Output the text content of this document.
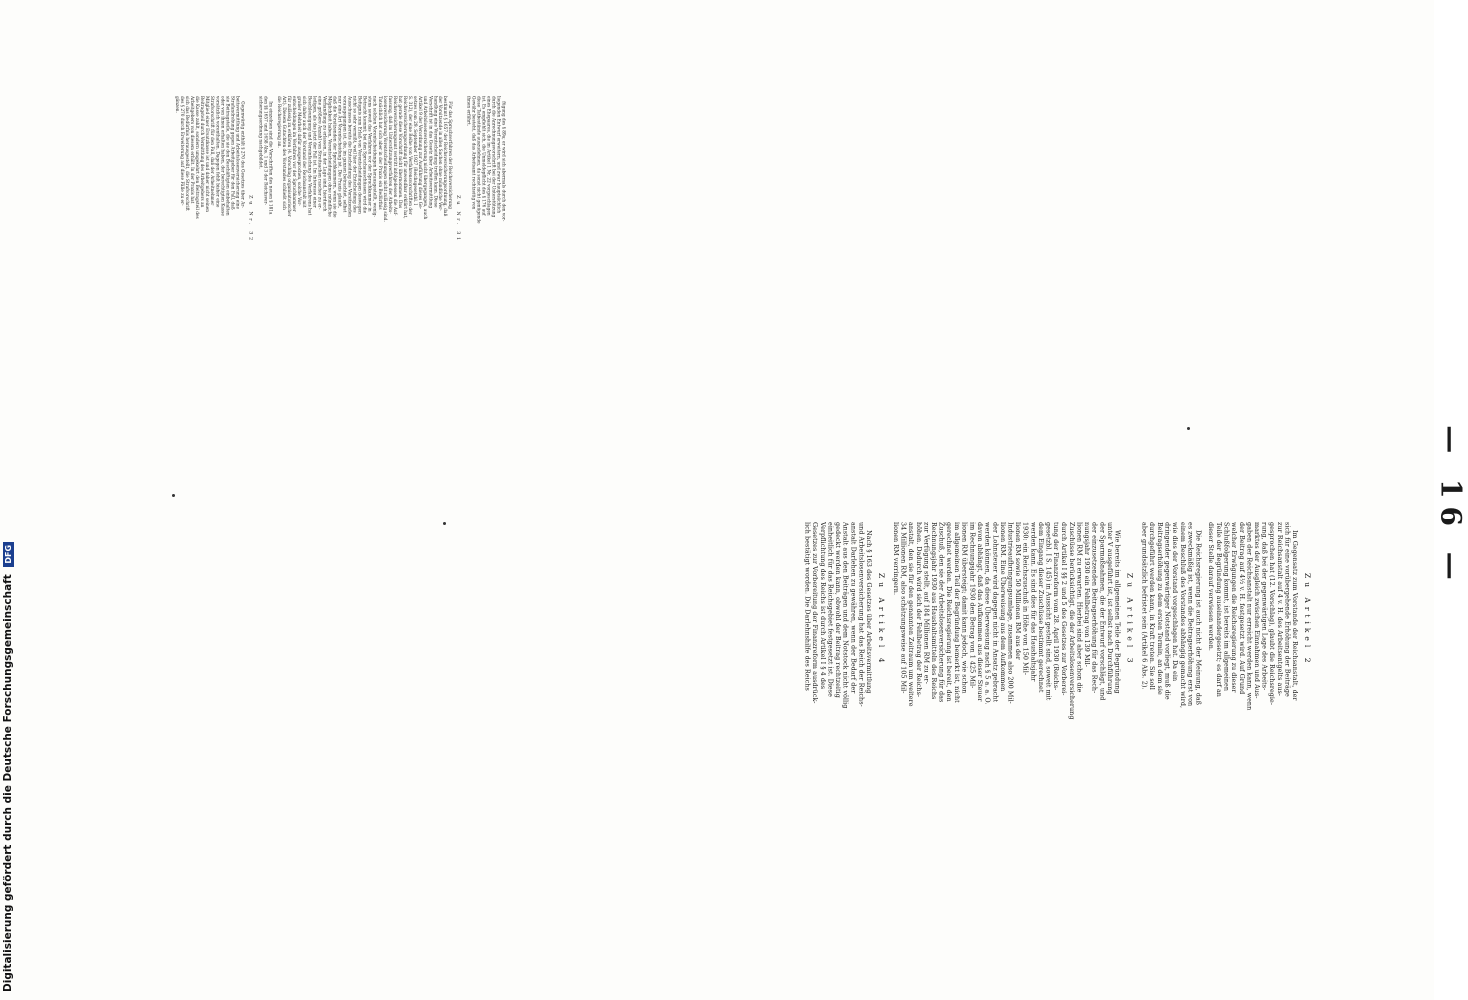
Digitalisierung gefördert durch die Deutsche Forschungsgemeinschaft DFG	— 16 —
fügung des § 89a; er wird sich abermals durch den vor-
liegenden Entwurf erweitern, und zwar hauptsächlich
durch die Anrechnungsvorschrift bei der Unterstützung
eines Ehepaares, die im Artikel 1 Nr. 22 vorgeschlagen
ist. Es empfiehlt sich, die Unmeldepflicht des § 176 auf
diese Tatbestände auszudehnen, da sonst nicht genügende
Gewähr besteht, daß das Arbeitsamt rechtzeitig von
ihnen erfährt.
Zu Nr. 31
Für das Spruchverfahren der Reichsversicherung
bestimmt § 1657 der Reichsversicherungsordnung, daß
der Vorsitzende in allen Sachen ohne mündliche Ver-
handlung eine Vorentscheidung treffen kann. Diese
Vorschrift ist in das Gesetz über Arbeitsvermittlung
und Arbeitslosenversicherung nicht übergegangen, auch
Artikel 9 der Verordnung zur Ausführung dieses Ge-
setzes vom 29. September 1927 (Reichsgesetzbl. I
S. 312), der eine Reihe von Verfahrensvorschriften der
Reichsversicherungsordnung für anwendbar erklärt hat,
hat gerade diese Vorschrift nicht übernommen. Das
Reichsversicherungsamt vertritt infolgedessen die Auf-
fassung, daß im Unterstützungsverfahren der Arbeits-
losenversicherung Vorentscheidungen nicht zulässig sind.
Tatsächlich hat sich aber in der Praxis ein Bedürfnis
nach solchen Vorentscheidungen herausgestellt, wenig-
stens soweit das Verfahren vor der Spruchkammer in
Betracht kommt; bei den Spruchausschüssen wird die
Befugnis zum Erlaß von Vorentscheidungen deswegen
nicht so sehr vermißt, weil hier der Entscheidung des
Ausschusses bereits die Entscheidung des Vorsitzenden
vorausgegangen ist, die, im ganzen betrachtet, selbst
nur eine Art Vorentscheidung ist. Die Praxis glaubt,
daß die Vorsitzenden der Spruchkammern, wenn sie die
Möglichkeit haben, Vorentscheidungen ohne mündliche
Verhandlung zu erlassen, in der Lage sind, hierdurch
eine größere Anzahl von Streitsachen rascher zu er-
ledigen, als das jetzt der Fall ist. Im Interesse einer
Beschleunigung und Vereinfachung des Verfahrens hat
sich daher auch der Vorstand der Reichsanstalt mit
großer Mehrheit dafür ausgesprochen, solche Vor-
entscheidungen im Verfahren vor der Spruchkammer
für zulässig zu erklären (4. Vorschlag organisatorischer
Art). Diesem Gutachten des Vorstandes schließt sich
die Reichsregierung an.
Im einzelnen sind die Vorschriften des neuen § 181a
den §§ 1657 und 1658 Abs. 1 und 3 der Reichsver-
sicherungsordnung nachgebildet.
Zu Nr. 32
Gegenwärtig enthält § 270 des Gesetzes über Ar-
beitsvermittlung und Arbeitslosenversicherung eine
Strafandrohung gegen Arbeitgeber für den Fall, daß
sie Beitragsteile, die sie den Beschäftigten einbehalten
oder von ihnen erhalten haben, der berechtigten Kasse
vorsätzlich vorenthalten. Dagegen fehlt bisher eine
Strafvorschrift für den Fall, daß der Arbeitnehmer
Mitglied einer Ersatzkasse ist und daher nicht seinen
Beitragsteil durch Vermittlung des Arbeitgebers an
die Kasse zahlt, sondern umgekehrt den Beitragsteil des
Arbeitgebers von diesem erhält. In der Praxis hat
sich das Bedürfnis herausgestellt, die Strafvorschrift
des § 270 durch Erweiterung auf diese Fälle zu er-
gänzen.
Zu Artikel 2
Im Gegensatz zum Vorstande der Reichsanstalt, der
sich für eine vorübergehende Erhöhung der Beiträge
zur Reichsanstalt auf 4 v. H. des Arbeitsentgelts aus-
gesprochen hat (12. Vorschlag), glaubt die Reichsregie-
rung, daß bei der gegenwärtigen Lage des Arbeits-
marktes der Ausgleich zwischen Einnahmen und Aus-
gaben der Reichsanstalt nur erreicht werden kann, wenn
der Beitrag auf 4½ v. H. festgesetzt wird. Auf Grund
welcher Erwägungen die Reichsregierung zu dieser
Schlußfolgerung kommt, ist bereits im allgemeinen
Teile der Begründung auseinandergesetzt; es darf an
dieser Stelle darauf verwiesen werden.
Die Reichsregierung ist auch nicht der Meinung, daß
es zweckmäßig ist, wenn die Beitragserhöhung erst von
einem Beschluß des Vorstandes abhängig gemacht wird,
wie dies der Vorstand vorgeschlagen hat. Da ein
dringender gegenwärtiger Notstand vorliegt, muß die
Beitragserhöhung zu dem ersten Termin, an dem sie
durchgeführt werden kann, in Kraft treten. Sie soll
aber grundsätzlich befristet sein (Artikel 6 Abs. 2).
Zu Artikel 3
Wie bereits im allgemeinen Teile der Begründung
unter V ausgeführt ist, ist selbst nach Durchführung
der Sparmaßnahmen, die der Entwurf vorschlägt, und
der einzusetzenden Beitragserhöhung für das Rech-
nungsjahr 1930 ein Fehlbetrag von 139 Mil-
lionen RM zu erwarten. Hierbei sind aber schon die
Zuschüsse berücksichtigt, die der Arbeitslosenversicherung
durch Artikel I §§ 2 und 5 des Gesetzes zur Vorberei-
tung der Finanzreform vom 28. April 1930 (Reichs-
gesetzbl. I S. 145) in Aussicht gestellt sind, soweit mit
dem Eingang dieser Zuschüsse bestimmt gerechnet
werden kann. Es sind dies für das Haushaltsjahr
1930: ein Reichszuschuß in Höhe von 150 Mil-
lionen RM sowie 50 Millionen RM aus der
Industrieaufbringungsumlage, zusammen also 200 Mil-
lionen RM. Eine Überweisung aus dem Aufkommen
der Lohnsteuer wird dagegen nicht in Ansatz gebracht
werden können, da diese Überweisung nach § 5 a. a. O.
davon abhängt, daß das Aufkommen aus dieser Steuer
im Rechnungsjahr 1930 den Betrag von 1 425 Mil-
lionen RM übersteigt; damit kann jedoch, wie schon
im allgemeinen Teil der Begründung bemerkt ist, nicht
gerechnet werden. Die Reichsregierung ist bereit, den
Zuschuß, den sie der Arbeitslosenversicherung für das
Rechnungsjahr 1930 aus Haushaltsmitteln des Reichs
zur Verfügung stellt, auf 184 Millionen RM zu er-
höhen. Dadurch wird sich der Fehlbetrag der Reichs-
anstalt, den sie für den genannten Zeitraum um weitere
34 Millionen RM, also schätzungsweise auf 105 Mil-
lionen RM verringern.
Zu Artikel 4
Nach § 163 des Gesetzes über Arbeitsvermittlung
und Arbeitslosenversicherung hat das Reich der Reichs-
anstalt Darlehen zu gewähren, wenn der Bedarf der
Anstalt aus den Beiträgen und dem Notstock nicht völlig
gedeckt werden kann, obwohl der Beitrag rechtzeitig
einheitlich für das Reichsgebiet festgesetzt ist. Diese
Verpflichtung des Reichs ist durch Artikel I § 4 des
Gesetzes zur Vorbereitung der Finanzreform ausdrück-
lich bestätigt worden. Die Darlehnshilfe des Reichs
